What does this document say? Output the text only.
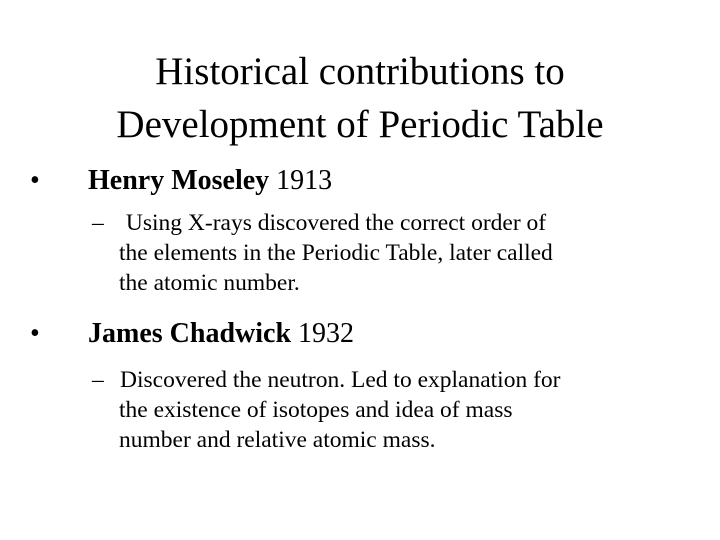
Historical contributions to
Development of Periodic Table
• Henry Moseley 1913
– Using X‑rays discovered the correct order of
the elements in the Periodic Table, later called
the atomic number.
• James Chadwick 1932
– Discovered the neutron. Led to explanation for
the existence of isotopes and idea of mass
number and relative atomic mass.
